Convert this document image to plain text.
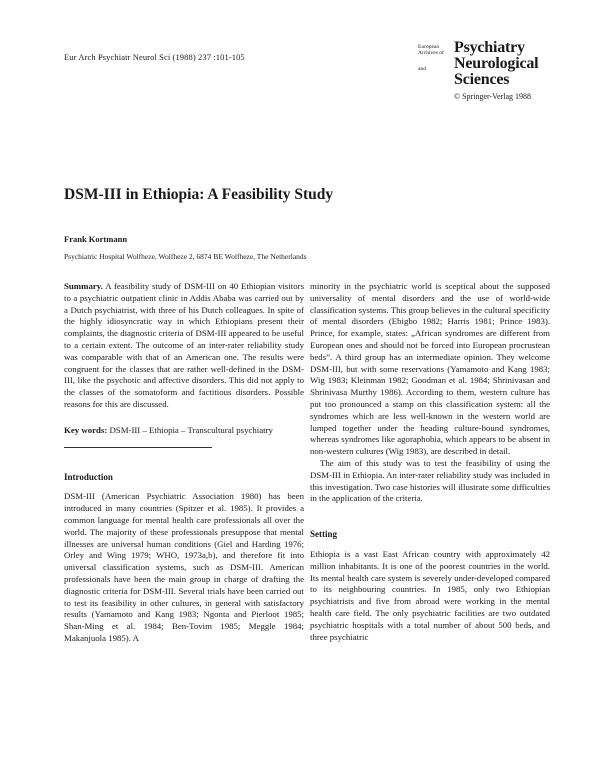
Eur Arch Psychiatr Neurol Sci (1988) 237 :101-105
European Archives of Psychiatry
and	Neurological
Sciences
© Springer-Verlag 1988
DSM-III in Ethiopia: A Feasibility Study
Frank Kortmann
Psychiatric Hospital Wolfheze, Wolfheze 2, 6874 BE Wolfheze, The Netherlands

Summary. A feasibility study of DSM-III on 40 Ethiopian visitors to a psychiatric outpatient clinic in Addis Ababa was carried out by a Dutch psychiatrist, with three of his Dutch colleagues. In spite of the highly idiosyncratic way in which Ethiopians present their complaints, the diagnostic criteria of DSM-III appeared to be useful to a certain extent. The outcome of an inter-rater reliability study was comparable with that of an American one. The results were congruent for the classes that are rather well-defined in the DSM-III, like the psychotic and affective disorders. This did not apply to the classes of the somatoform and factitious disorders. Possible reasons for this are discussed.

Key words: DSM-III – Ethiopia – Transcultural psychiatry

Introduction

DSM-III (American Psychiatric Association 1980) has been introduced in many countries (Spitzer et al. 1985). It provides a common language for mental health care professionals all over the world. The majority of these professionals presuppose that mental illnesses are universal human conditions (Giel and Harding 1976; Orley and Wing 1979; WHO, 1973a,b), and therefore fit into universal classification systems, such as DSM-III. American professionals have been the main group in charge of drafting the diagnostic criteria for DSM-III. Several trials have been carried out to test its feasibility in other cultures, in general with satisfactory results (Yamamoto and Kang 1983; Ngonta and Pierloot 1985; Shan-Ming et al. 1984; Ben-Tovim 1985; Meggle 1984; Makanjuola 1985). A

minority in the psychiatric world is sceptical about the supposed universality of mental disorders and the use of world-wide classification systems. This group believes in the cultural specificity of mental disorders (Ebigbo 1982; Harris 1981; Prince 1983). Prince, for example, states: „African syndromes are different from European ones and should not be forced into European procrustean beds”. A third group has an intermediate opinion. They welcome DSM-III, but with some reservations (Yamamoto and Kang 1983; Wig 1983; Kleinman 1982; Goodman et al. 1984; Shrinivasan and Shrinivasa Murthy 1986). According to them, western culture has put too pronounced a stamp on this classification system: all the syndromes which are less well-known in the western world are lumped together under the heading culture-bound syndromes, whereas syndromes like agoraphobia, which appears to be absent in non-western cultures (Wig 1983), are described in detail.

The aim of this study was to test the feasibility of using the DSM-III in Ethiopia. An inter-rater reliability study was included in this investigation. Two case histories will illustrate some difficulties in the application of the criteria.

Setting

Ethiopia is a vast East African country with approximately 42 million inhabitants. It is one of the poorest countries in the world. Its mental health care system is severely under-developed compared to its neighbouring countries. In 1985, only two Ethiopian psychiatrists and five from abroad were working in the mental health care field. The only psychiatric facilities are two outdated psychiatric hospitals with a total number of about 500 beds, and three psychiatric
